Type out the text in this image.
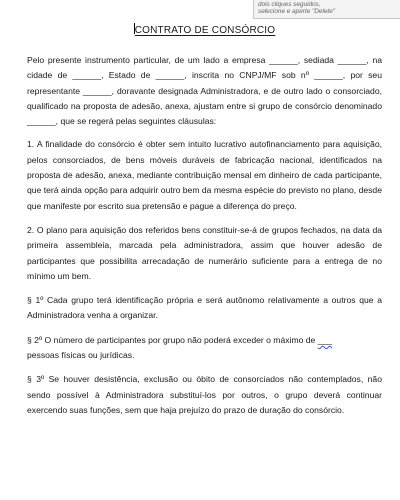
dois cliques seguidos,
selecione e aperte "Delete"
CONTRATO DE CONSÓRCIO

Pelo presente instrumento particular, de um lado a empresa ______, sediada ______, na cidade de ______, Estado de ______, inscrita no CNPJ/MF sob nº ______, por seu representante ______, doravante designada Administradora, e de outro lado o consorciado, qualificado na proposta de adesão, anexa, ajustam entre si grupo de consórcio denominado ______, que se regerá pelas seguintes cláusulas:

1. A finalidade do consórcio é obter sem intuito lucrativo autofinanciamento para aquisição, pelos consorciados, de bens móveis duráveis de fabricação nacional, identificados na proposta de adesão, anexa, mediante contribuição mensal em dinheiro de cada participante, que terá ainda opção para adquirir outro bem da mesma espécie do previsto no plano, desde que manifeste por escrito sua pretensão e pague a diferença do preço.

2. O plano para aquisição dos referidos bens constituir-se-á de grupos fechados, na data da primeira assembleia, marcada pela administradora, assim que houver adesão de participantes que possibilita arrecadação de numerário suficiente para a entrega de no mínimo um bem.

§ 1º Cada grupo terá identificação própria e será autônomo relativamente a outros que a Administradora venha a organizar.

§ 2º O número de participantes por grupo não poderá exceder o máximo de ___
pessoas físicas ou jurídicas.

§ 3º Se houver desistência, exclusão ou óbito de consorciados não contemplados, não sendo possível à Administradora substituí-los por outros, o grupo deverá continuar exercendo suas funções, sem que haja prejuízo do prazo de duração do consórcio.
